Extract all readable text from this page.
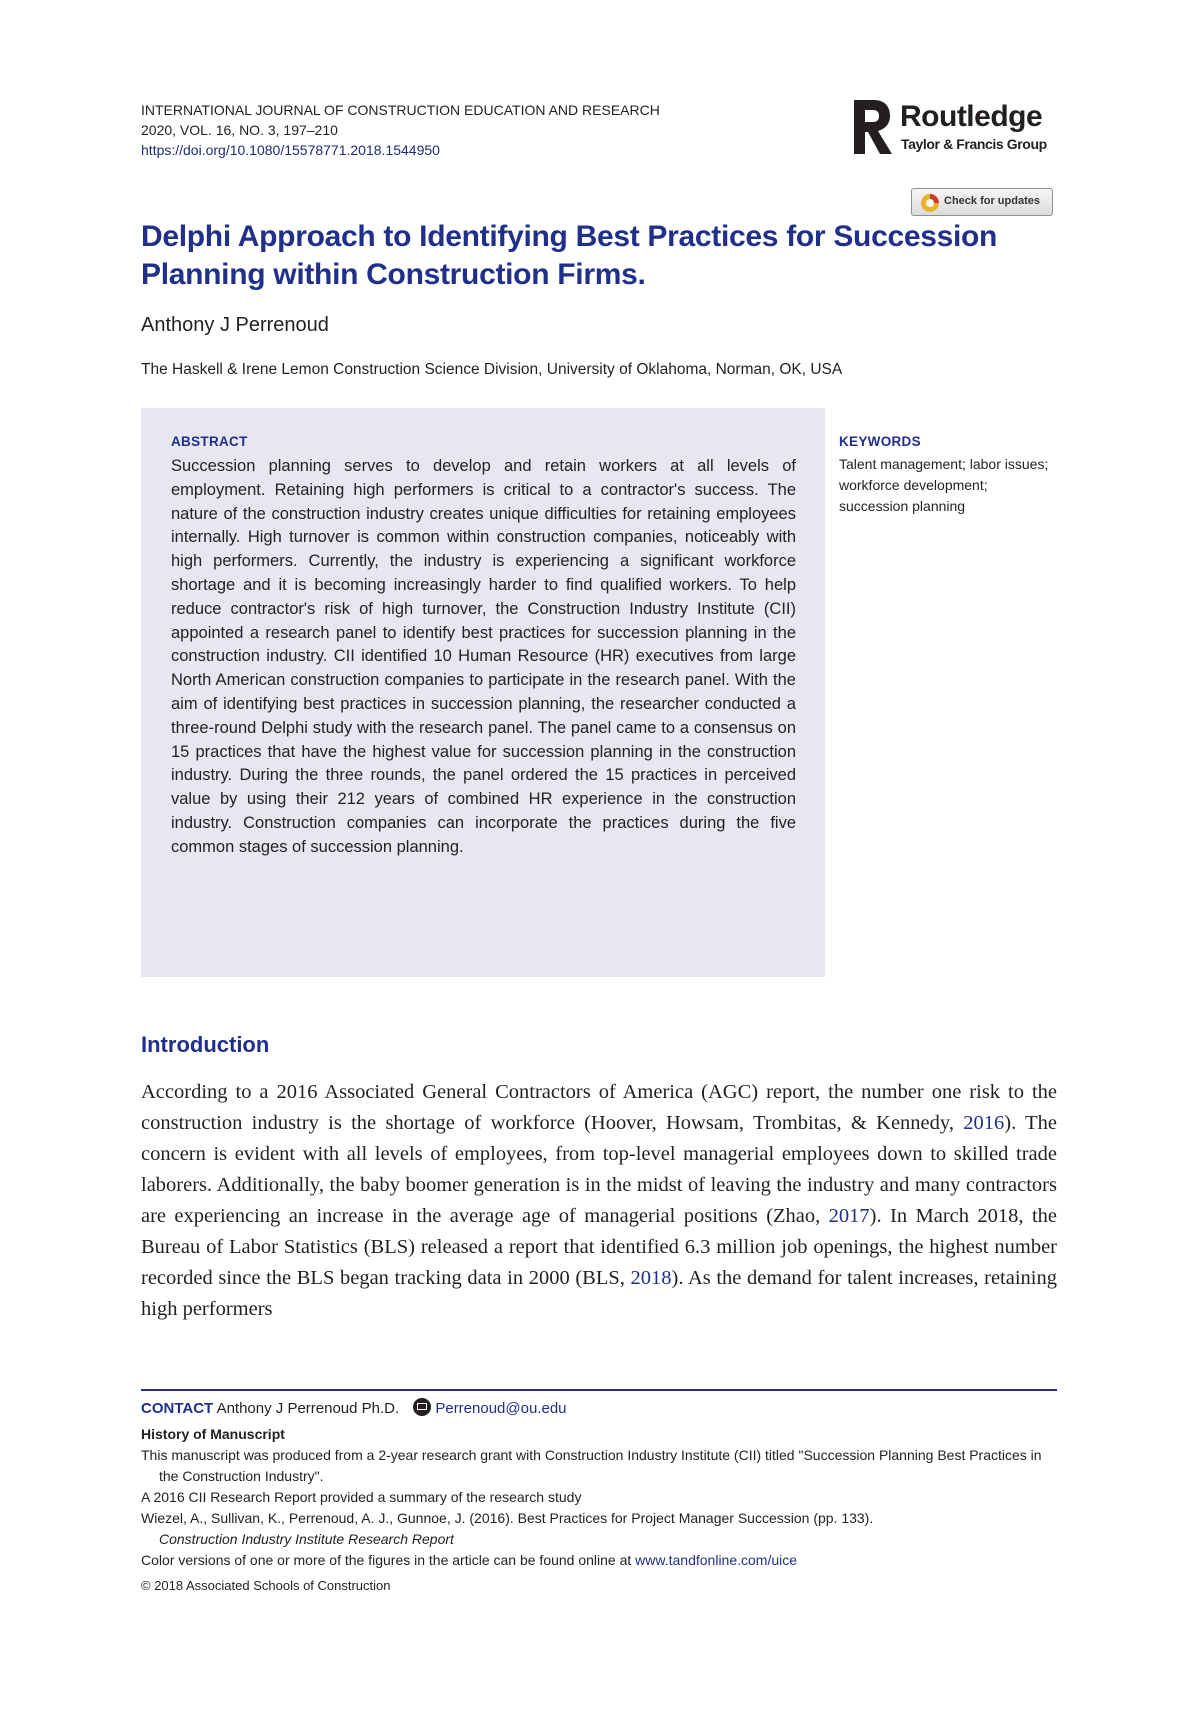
INTERNATIONAL JOURNAL OF CONSTRUCTION EDUCATION AND RESEARCH
2020, VOL. 16, NO. 3, 197–210
https://doi.org/10.1080/15578771.2018.1544950
Routledge
Taylor & Francis Group
Check for updates
Delphi Approach to Identifying Best Practices for Succession
Planning within Construction Firms.
Anthony J Perrenoud
The Haskell & Irene Lemon Construction Science Division, University of Oklahoma, Norman, OK, USA
ABSTRACT
Succession planning serves to develop and retain workers at all levels of employment. Retaining high performers is critical to a contractor's success. The nature of the construction industry creates unique difficulties for retaining employees internally. High turnover is common within construction companies, noticeably with high performers. Currently, the industry is experiencing a significant workforce shortage and it is becoming increasingly harder to find qualified workers. To help reduce contractor's risk of high turnover, the Construction Industry Institute (CII) appointed a research panel to identify best practices for succession planning in the construction industry. CII identified 10 Human Resource (HR) executives from large North American construction companies to participate in the research panel. With the aim of identifying best practices in succession planning, the researcher conducted a three-round Delphi study with the research panel. The panel came to a consensus on 15 practices that have the highest value for succession planning in the construction industry. During the three rounds, the panel ordered the 15 practices in perceived value by using their 212 years of combined HR experience in the construction industry. Construction companies can incorporate the practices during the five common stages of succession planning.
KEYWORDS
Talent management; labor issues; workforce development; succession planning
Introduction
According to a 2016 Associated General Contractors of America (AGC) report, the number one risk to the construction industry is the shortage of workforce (Hoover, Howsam, Trombitas, & Kennedy, 2016). The concern is evident with all levels of employees, from top-level managerial employees down to skilled trade laborers. Additionally, the baby boomer generation is in the midst of leaving the industry and many contractors are experiencing an increase in the average age of managerial positions (Zhao, 2017). In March 2018, the Bureau of Labor Statistics (BLS) released a report that identified 6.3 million job openings, the highest number recorded since the BLS began tracking data in 2000 (BLS, 2018). As the demand for talent increases, retaining high performers
CONTACT Anthony J Perrenoud Ph.D. Perrenoud@ou.edu
History of Manuscript
This manuscript was produced from a 2-year research grant with Construction Industry Institute (CII) titled "Succession Planning Best Practices in the Construction Industry".
A 2016 CII Research Report provided a summary of the research study
Wiezel, A., Sullivan, K., Perrenoud, A. J., Gunnoe, J. (2016). Best Practices for Project Manager Succession (pp. 133).
Construction Industry Institute Research Report
Color versions of one or more of the figures in the article can be found online at www.tandfonline.com/uice
© 2018 Associated Schools of Construction
